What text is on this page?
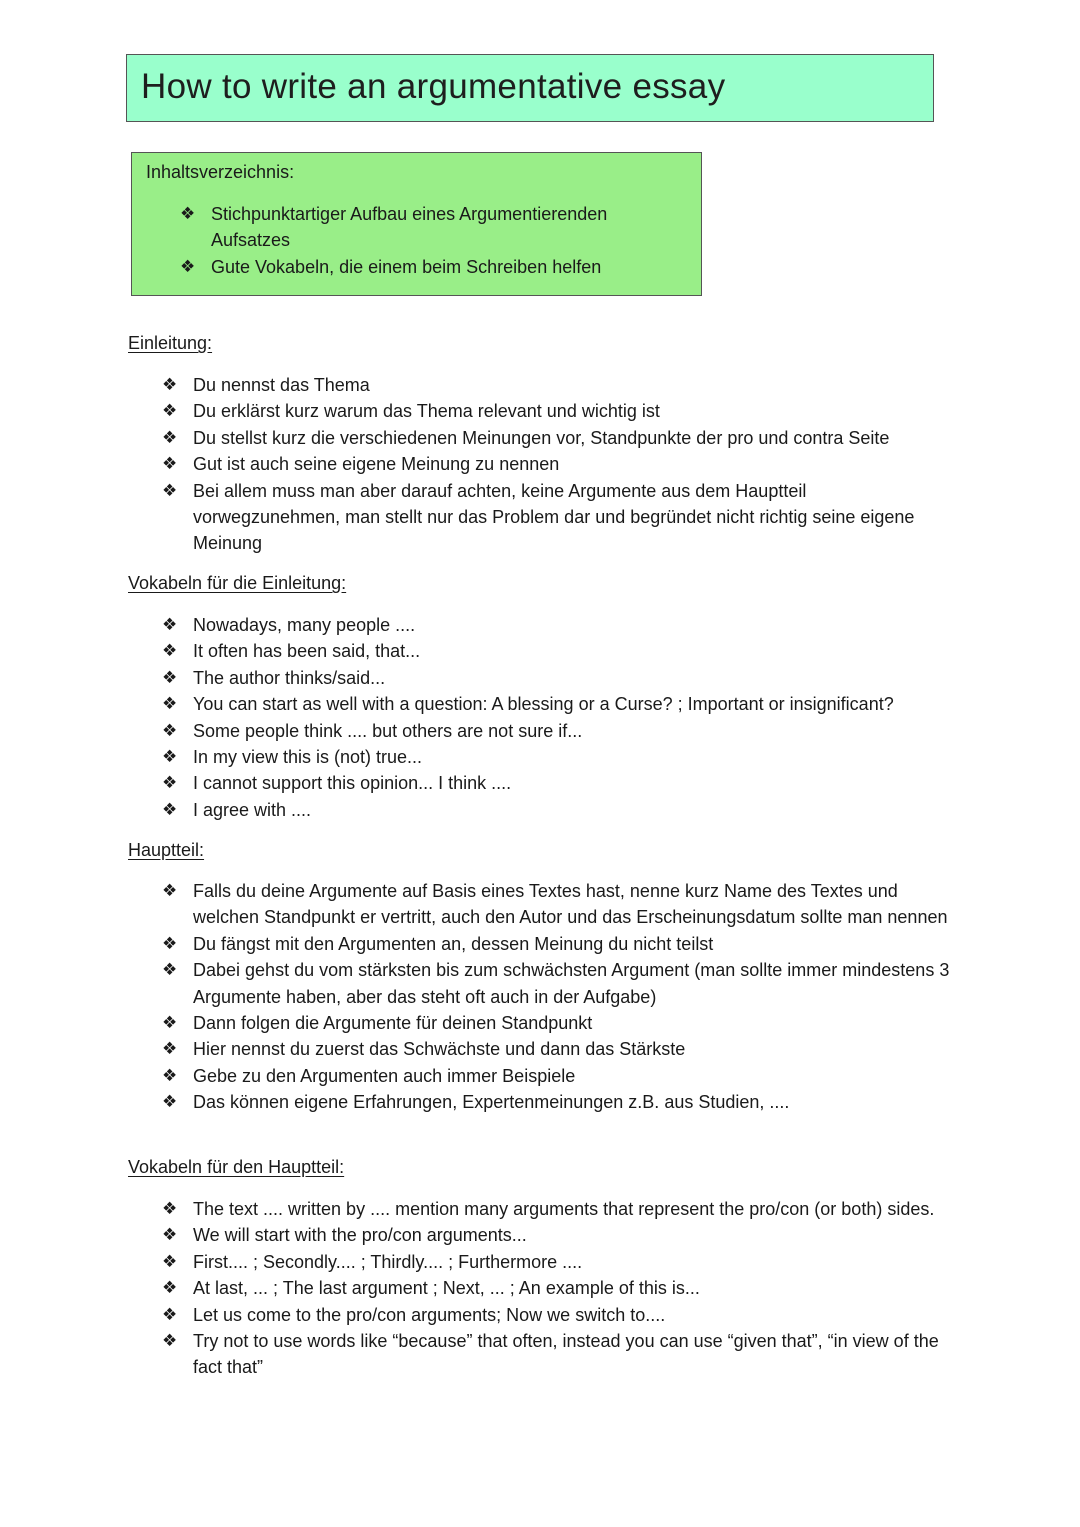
How to write an argumentative essay
Inhaltsverzeichnis:
❖ Stichpunktartiger Aufbau eines Argumentierenden Aufsatzes
❖ Gute Vokabeln, die einem beim Schreiben helfen
Einleitung:
❖ Du nennst das Thema
❖ Du erklärst kurz warum das Thema relevant und wichtig ist
❖ Du stellst kurz die verschiedenen Meinungen vor, Standpunkte der pro und contra Seite
❖ Gut ist auch seine eigene Meinung zu nennen
❖ Bei allem muss man aber darauf achten, keine Argumente aus dem Hauptteil vorwegzunehmen, man stellt nur das Problem dar und begründet nicht richtig seine eigene Meinung
Vokabeln für die Einleitung:
❖ Nowadays, many people ....
❖ It often has been said, that...
❖ The author thinks/said...
❖ You can start as well with a question: A blessing or a Curse? ; Important or insignificant?
❖ Some people think .... but others are not sure if...
❖ In my view this is (not) true...
❖ I cannot support this opinion... I think ....
❖ I agree with ....
Hauptteil:
❖ Falls du deine Argumente auf Basis eines Textes hast, nenne kurz Name des Textes und welchen Standpunkt er vertritt, auch den Autor und das Erscheinungsdatum sollte man nennen
❖ Du fängst mit den Argumenten an, dessen Meinung du nicht teilst
❖ Dabei gehst du vom stärksten bis zum schwächsten Argument (man sollte immer mindestens 3 Argumente haben, aber das steht oft auch in der Aufgabe)
❖ Dann folgen die Argumente für deinen Standpunkt
❖ Hier nennst du zuerst das Schwächste und dann das Stärkste
❖ Gebe zu den Argumenten auch immer Beispiele
❖ Das können eigene Erfahrungen, Expertenmeinungen z.B. aus Studien, ....
Vokabeln für den Hauptteil:
❖ The text .... written by .... mention many arguments that represent the pro/con (or both) sides.
❖ We will start with the pro/con arguments...
❖ First.... ; Secondly.... ; Thirdly.... ; Furthermore ....
❖ At last, ... ; The last argument ; Next, ... ; An example of this is...
❖ Let us come to the pro/con arguments; Now we switch to....
❖ Try not to use words like “because” that often, instead you can use “given that”, “in view of the fact that”
